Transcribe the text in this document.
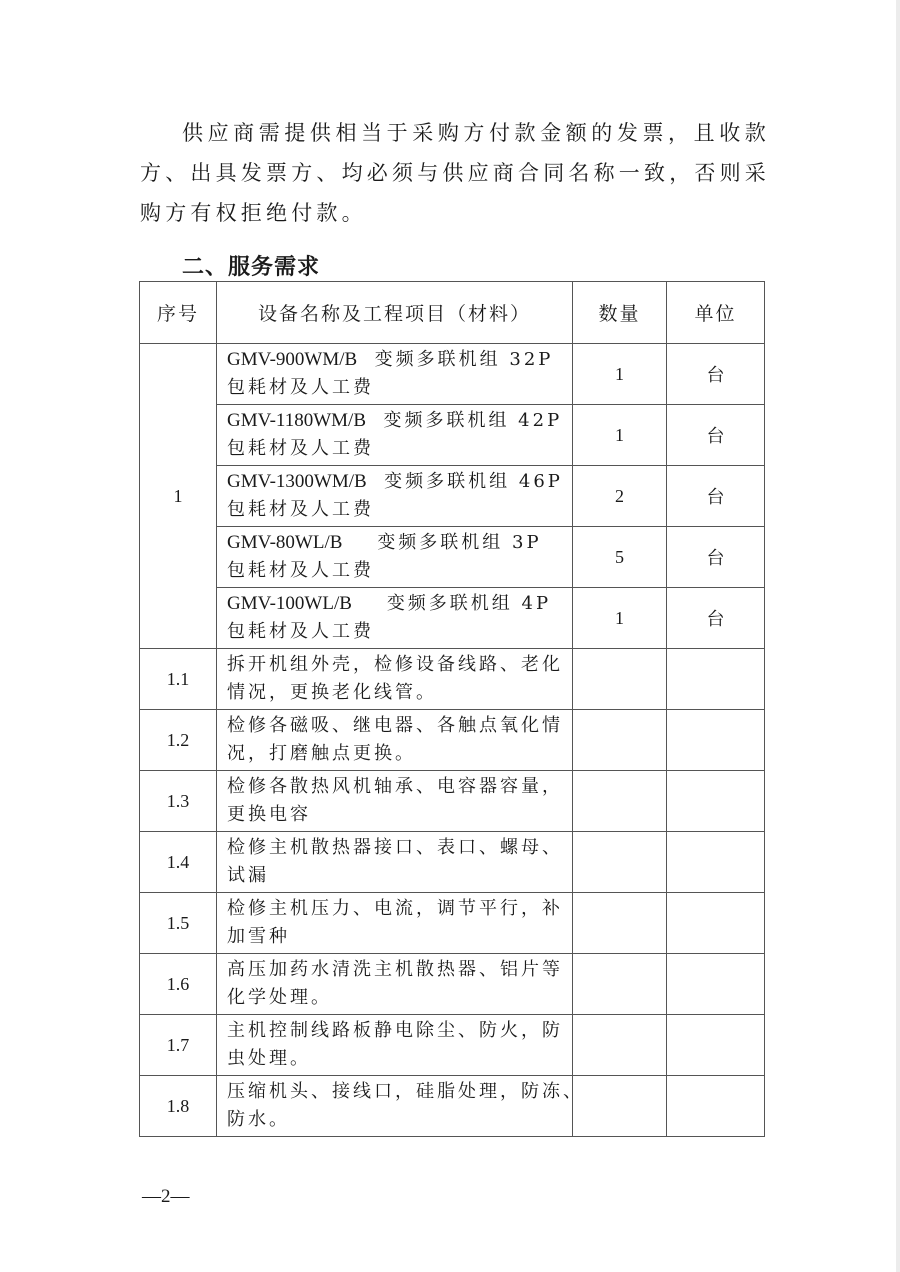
供应商需提供相当于采购方付款金额的发票，且收款方、出具发票方、均必须与供应商合同名称一致，否则采购方有权拒绝付款。
二、服务需求
序号	设备名称及工程项目（材料）	数量	单位
1	GMV-900WM/B 变频多联机组 32P
包耗材及人工费	1	台

	GMV-1180WM/B 变频多联机组 42P
包耗材及人工费	1	台

	GMV-1300WM/B 变频多联机组 46P
包耗材及人工费	2	台

	GMV-80WL/B 变频多联机组 3P
包耗材及人工费	5	台

	GMV-100WL/B 变频多联机组 4P
包耗材及人工费	1	台
1.1	拆开机组外壳，检修设备线路、老化
情况，更换老化线管。		

1.2	检修各磁吸、继电器、各触点氧化情
况，打磨触点更换。		

1.3	检修各散热风机轴承、电容器容量，
更换电容		

1.4	检修主机散热器接口、表口、螺母、
试漏		

1.5	检修主机压力、电流，调节平行，补
加雪种		

1.6	高压加药水清洗主机散热器、铝片等
化学处理。		

1.7	主机控制线路板静电除尘、防火，防
虫处理。		

1.8	压缩机头、接线口，硅脂处理，防冻、
防水。		

—2—
